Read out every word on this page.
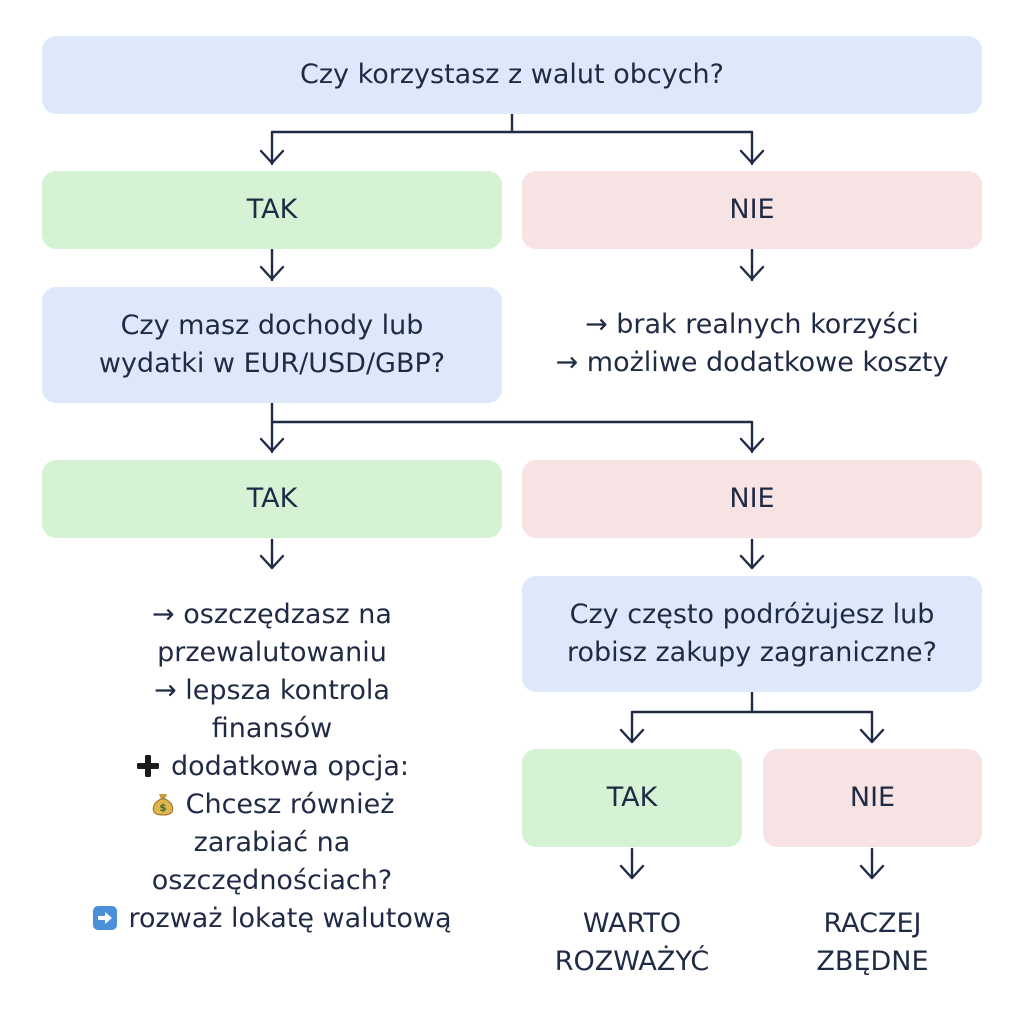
Czy korzystasz z walut obcych?
TAK	NIE
Czy masz dochody lub
wydatki w EUR/USD/GBP?
→ brak realnych korzyści
→ możliwe dodatkowe koszty
TAK	NIE
→ oszczędzasz na
przewalutowaniu
→ lepsza kontrola
finansów
dodatkowa opcja:
$ Chcesz również
zarabiać na
oszczędnościach?
rozważ lokatę walutową
Czy często podróżujesz lub
robisz zakupy zagraniczne?
TAK	NIE
WARTO
ROZWAŻYĆ
RACZEJ
ZBĘDNE
